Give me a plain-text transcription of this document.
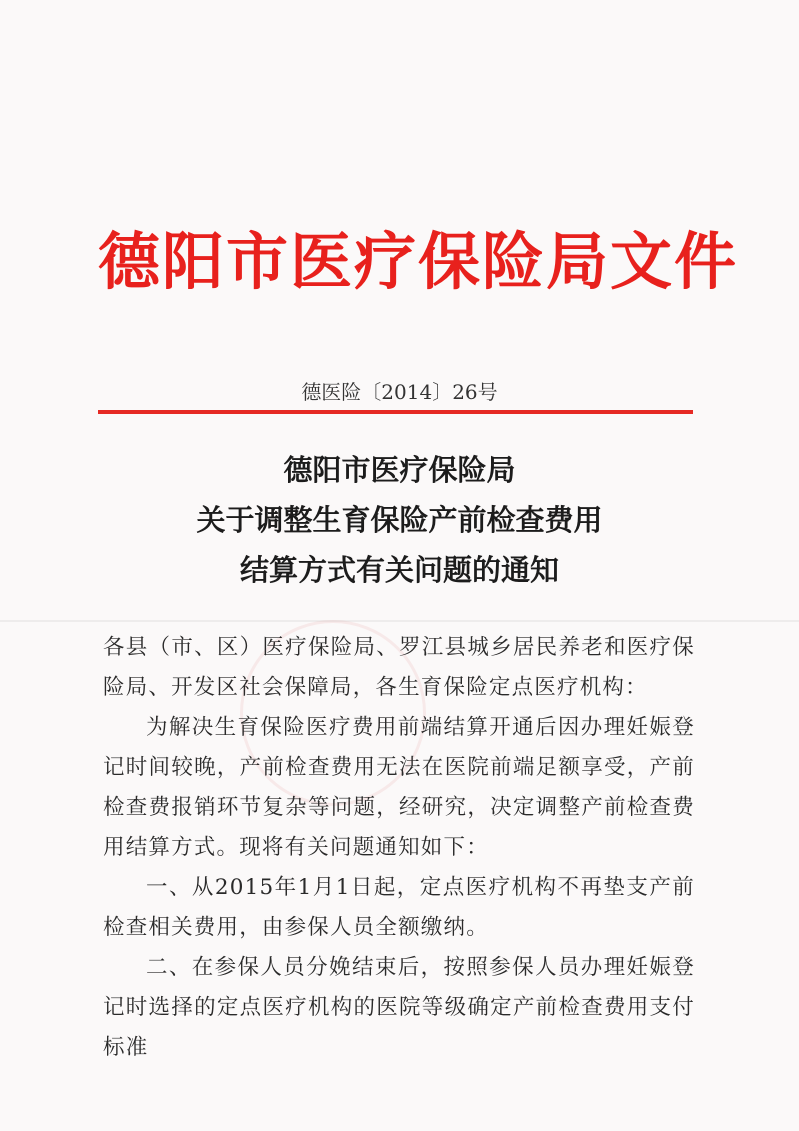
德阳市医疗保险局文件
德医险〔2014〕26号
德阳市医疗保险局
关于调整生育保险产前检查费用
结算方式有关问题的通知

各县（市、区）医疗保险局、罗江县城乡居民养老和医疗保险局、开发区社会保障局，各生育保险定点医疗机构：

为解决生育保险医疗费用前端结算开通后因办理妊娠登记时间较晚，产前检查费用无法在医院前端足额享受，产前检查费报销环节复杂等问题，经研究，决定调整产前检查费用结算方式。现将有关问题通知如下：

一、从2015年1月1日起，定点医疗机构不再垫支产前检查相关费用，由参保人员全额缴纳。

二、在参保人员分娩结束后，按照参保人员办理妊娠登记时选择的定点医疗机构的医院等级确定产前检查费用支付标准
